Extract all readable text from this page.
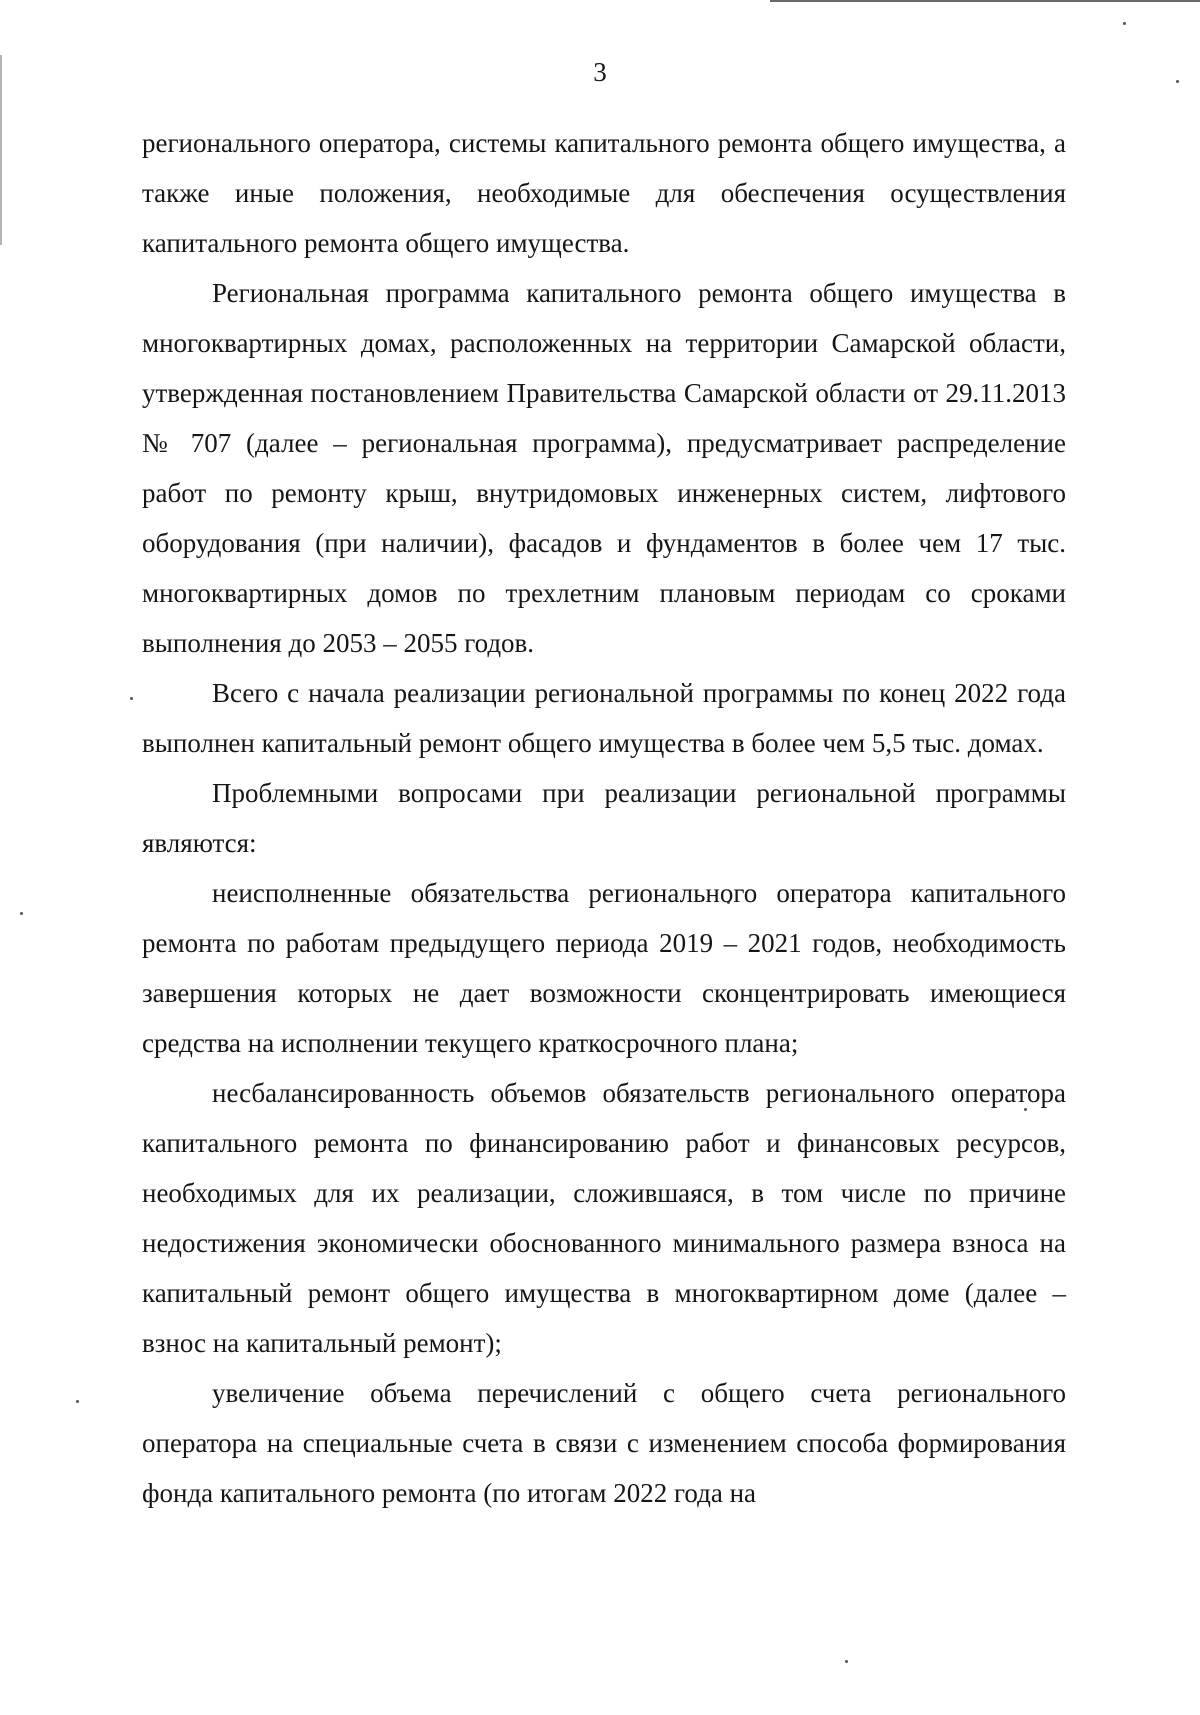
3

регионального оператора, системы капитального ремонта общего имущества, а также иные положения, необходимые для обеспечения осуществления капитального ремонта общего имущества.

Региональная программа капитального ремонта общего имущества в многоквартирных домах, расположенных на территории Самарской области, утвержденная постановлением Правительства Самарской области от 29.11.2013 № 707 (далее – региональная программа), предусматривает распределение работ по ремонту крыш, внутридомовых инженерных систем, лифтового оборудования (при наличии), фасадов и фундаментов в более чем 17 тыс. многоквартирных домов по трехлетним плановым периодам со сроками выполнения до 2053 – 2055 годов.

Всего с начала реализации региональной программы по конец 2022 года выполнен капитальный ремонт общего имущества в более чем 5,5 тыс. домах.

Проблемными вопросами при реализации региональной программы являются:

неисполненные обязательства регионального оператора капитального ремонта по работам предыдущего периода 2019 – 2021 годов, необходимость завершения которых не дает возможности сконцентрировать имеющиеся средства на исполнении текущего краткосрочного плана;

несбалансированность объемов обязательств регионального оператора капитального ремонта по финансированию работ и финансовых ресурсов, необходимых для их реализации, сложившаяся, в том числе по причине недостижения экономически обоснованного минимального размера взноса на капитальный ремонт общего имущества в многоквартирном доме (далее – взнос на капитальный ремонт);

увеличение объема перечислений с общего счета регионального оператора на специальные счета в связи с изменением способа формирования фонда капитального ремонта (по итогам 2022 года на
